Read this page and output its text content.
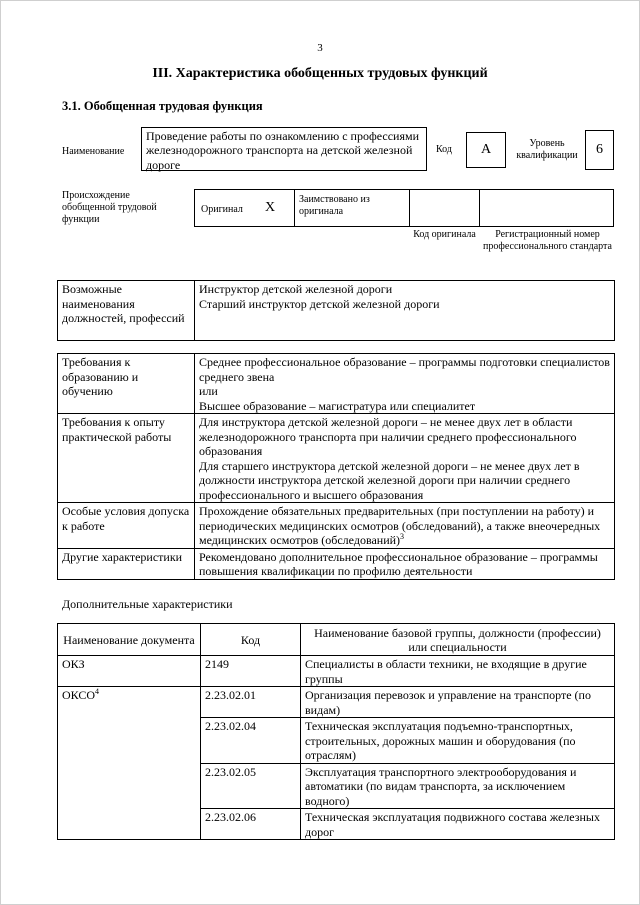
3
III. Характеристика обобщенных трудовых функций
3.1. Обобщенная трудовая функция
Наименование
Проведение работы по ознакомлению с профессиями железнодорожного транспорта на детской железной дороге
Код	А	Уровень квалификации	6
Происхождение обобщенной трудовой функции
Оригинал Х
Заимствовано из оригинала
Код оригинала	Регистрационный номер профессионального стандарта
Возможные наименования должностей, профессий	
Инструктор детской железной дороги
Старший инструктор детской железной дороги
Требования к образованию и обучению	Среднее профессиональное образование – программы подготовки специалистов среднего звена
или
Высшее образование – магистратура или специалитет

Требования к опыту практической работы	Для инструктора детской железной дороги – не менее двух лет в области железнодорожного транспорта при наличии среднего профессионального образования
Для старшего инструктора детской железной дороги – не менее двух лет в должности инструктора детской железной дороги при наличии среднего профессионального и высшего образования

Особые условия допуска к работе	Прохождение обязательных предварительных (при поступлении на работу) и периодических медицинских осмотров (обследований), а также внеочередных медицинских осмотров (обследований)$^3$
Другие характеристики	Рекомендовано дополнительное профессиональное образование – программы повышения квалификации по профилю деятельности
Дополнительные характеристики
Наименование документа	Код	Наименование базовой группы, должности (профессии) или специальности
ОКЗ	2149	Специалисты в области техники, не входящие в другие группы
ОКСО$^4$	2.23.02.01	Организация перевозок и управление на транспорте (по видам)
	2.23.02.04	Техническая эксплуатация подъемно-транспортных, строительных, дорожных машин и оборудования (по отраслям)
	2.23.02.05	Эксплуатация транспортного электрооборудования и автоматики (по видам транспорта, за исключением водного)
	2.23.02.06	Техническая эксплуатация подвижного состава железных дорог
